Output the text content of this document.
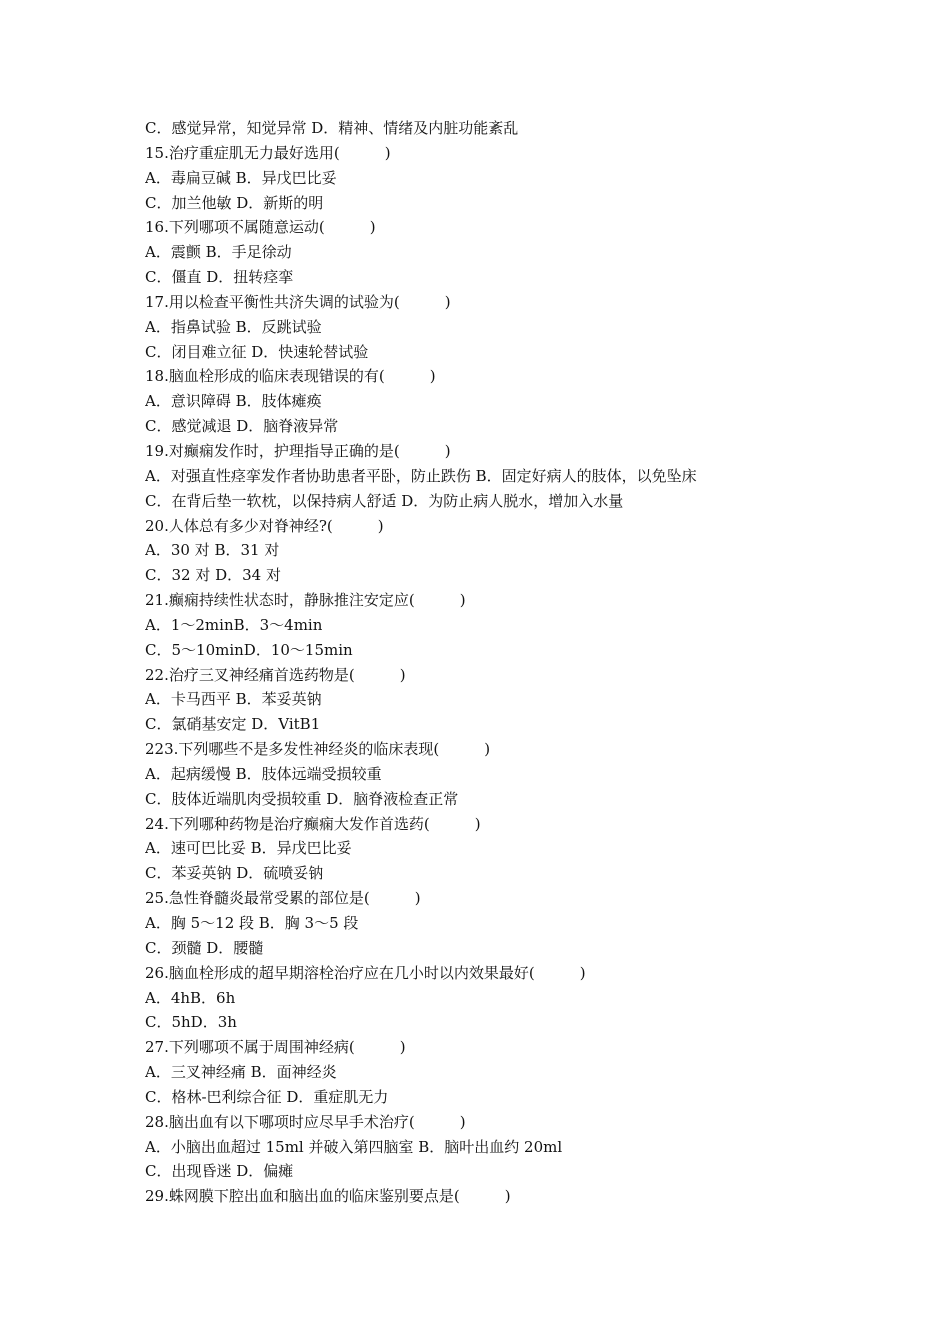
C．感觉异常，知觉异常 D．精神、情绪及内脏功能紊乱
15.治疗重症肌无力最好选用(　　　)
A．毒扁豆碱 B．异戊巴比妥
C．加兰他敏 D．新斯的明
16.下列哪项不属随意运动(　　　)
A．震颤 B．手足徐动
C．僵直 D．扭转痉挛
17.用以检查平衡性共济失调的试验为(　　　)
A．指鼻试验 B．反跳试验
C．闭目难立征 D．快速轮替试验
18.脑血栓形成的临床表现错误的有(　　　)
A．意识障碍 B．肢体瘫痪
C．感觉减退 D．脑脊液异常
19.对癫痫发作时，护理指导正确的是(　　　)
A．对强直性痉挛发作者协助患者平卧，防止跌伤 B．固定好病人的肢体，以免坠床
C．在背后垫一软枕，以保持病人舒适 D．为防止病人脱水，增加入水量
20.人体总有多少对脊神经?(　　　)
A．30 对 B．31 对
C．32 对 D．34 对
21.癫痫持续性状态时，静脉推注安定应(　　　)
A．1～2minB．3～4min
C．5～10minD．10～15min
22.治疗三叉神经痛首选药物是(　　　)
A．卡马西平 B．苯妥英钠
C．氯硝基安定 D．VitB1
223.下列哪些不是多发性神经炎的临床表现(　　　)
A．起病缓慢 B．肢体远端受损较重
C．肢体近端肌肉受损较重 D．脑脊液检查正常
24.下列哪种药物是治疗癫痫大发作首选药(　　　)
A．速可巴比妥 B．异戊巴比妥
C．苯妥英钠 D．硫喷妥钠
25.急性脊髓炎最常受累的部位是(　　　)
A．胸 5～12 段 B．胸 3～5 段
C．颈髓 D．腰髓
26.脑血栓形成的超早期溶栓治疗应在几小时以内效果最好(　　　)
A．4hB．6h
C．5hD．3h
27.下列哪项不属于周围神经病(　　　)
A．三叉神经痛 B．面神经炎
C．格林-巴利综合征 D．重症肌无力
28.脑出血有以下哪项时应尽早手术治疗(　　　)
A．小脑出血超过 15ml 并破入第四脑室 B．脑叶出血约 20ml
C．出现昏迷 D．偏瘫
29.蛛网膜下腔出血和脑出血的临床鉴别要点是(　　　)
